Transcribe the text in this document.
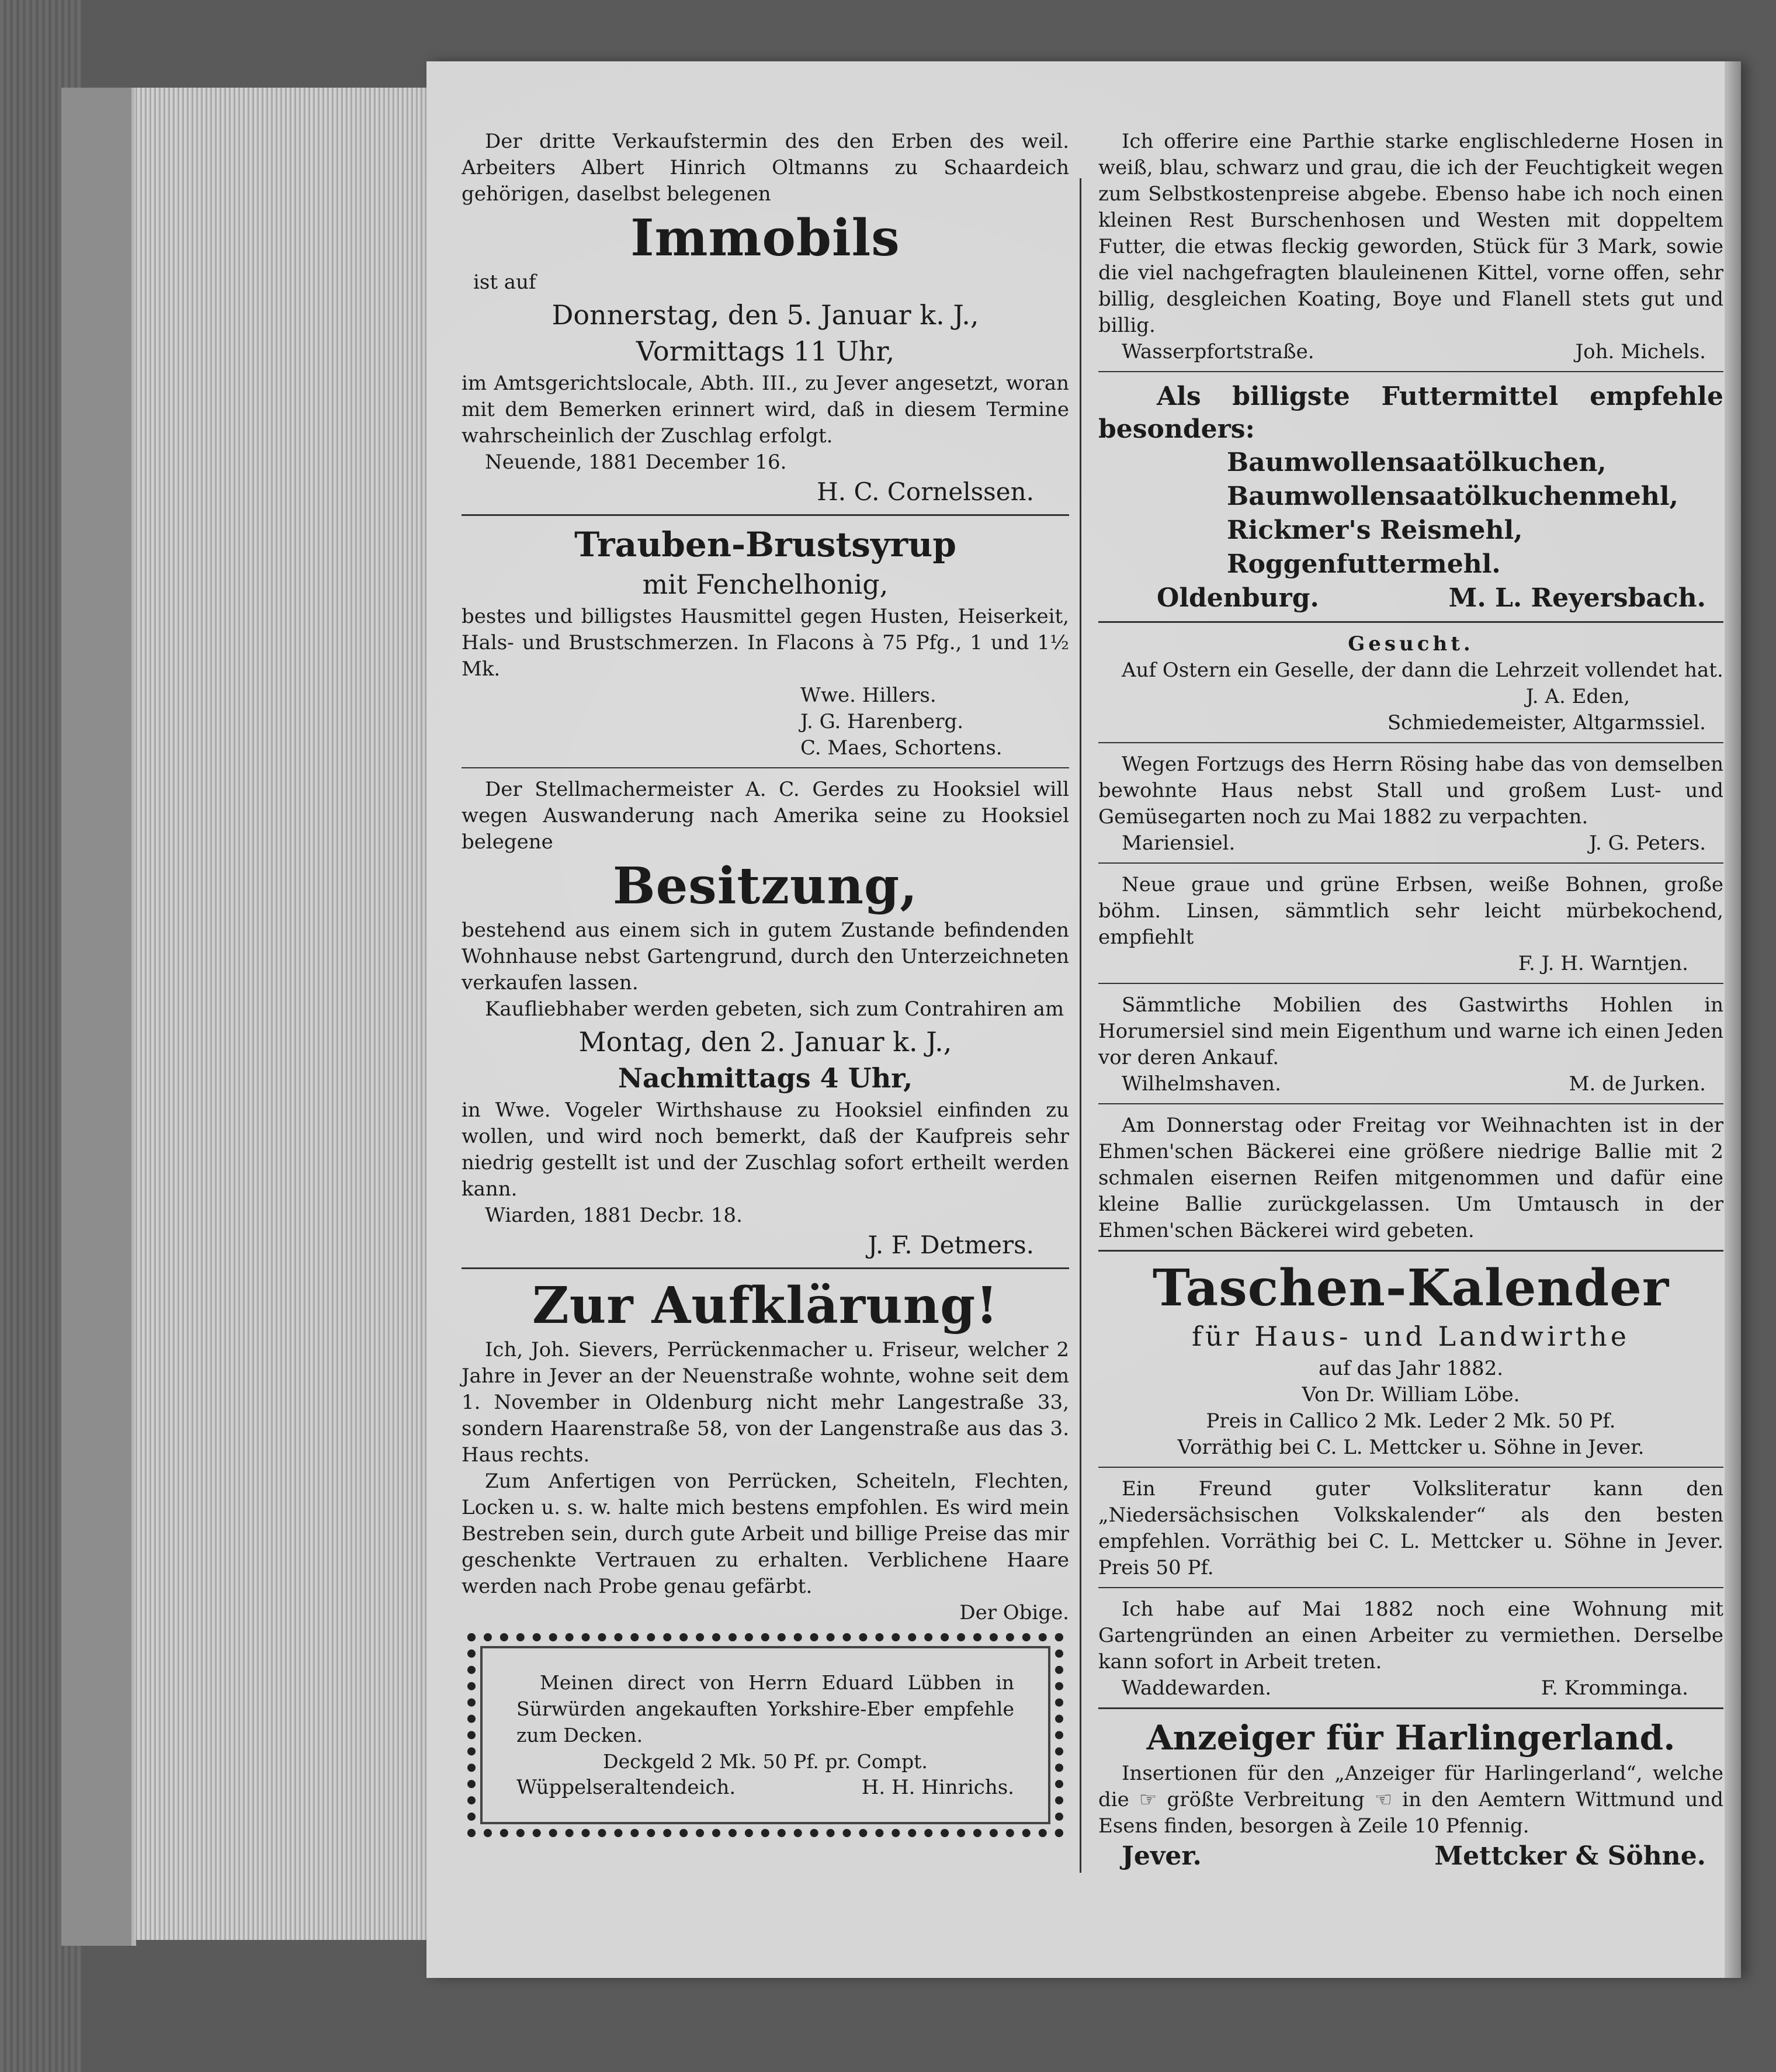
Der dritte Verkaufstermin des den Erben des weil. Arbeiters Albert Hinrich Oltmanns zu Schaardeich gehörigen, daselbst belegenen

Immobils

ist auf

Donnerstag, den 5. Januar k. J.,
Vormittags 11 Uhr,

im Amtsgerichtslocale, Abth. III., zu Jever angesetzt, woran mit dem Bemerken erinnert wird, daß in diesem Termine wahrscheinlich der Zuschlag erfolgt.

Neuende, 1881 December 16.

H. C. Cornelssen.
Trauben-Brustsyrup
mit Fenchelhonig,

bestes und billigstes Hausmittel gegen Husten, Heiserkeit, Hals- und Brustschmerzen. In Flacons à 75 Pfg., 1 und 1½ Mk.

Wwe. Hillers.

J. G. Harenberg.

C. Maes, Schortens.

Der Stellmachermeister A. C. Gerdes zu Hooksiel will wegen Auswanderung nach Amerika seine zu Hooksiel belegene

Besitzung,

bestehend aus einem sich in gutem Zustande befindenden Wohnhause nebst Gartengrund, durch den Unterzeichneten verkaufen lassen.

Kaufliebhaber werden gebeten, sich zum Contrahiren am

Montag, den 2. Januar k. J.,
Nachmittags 4 Uhr,

in Wwe. Vogeler Wirthshause zu Hooksiel einfinden zu wollen, und wird noch bemerkt, daß der Kaufpreis sehr niedrig gestellt ist und der Zuschlag sofort ertheilt werden kann.

Wiarden, 1881 Decbr. 18.

J. F. Detmers.
Zur Aufklärung!

Ich, Joh. Sievers, Perrückenmacher u. Friseur, welcher 2 Jahre in Jever an der Neuenstraße wohnte, wohne seit dem 1. November in Oldenburg nicht mehr Langestraße 33, sondern Haarenstraße 58, von der Langenstraße aus das 3. Haus rechts.

Zum Anfertigen von Perrücken, Scheiteln, Flechten, Locken u. s. w. halte mich bestens empfohlen. Es wird mein Bestreben sein, durch gute Arbeit und billige Preise das mir geschenkte Vertrauen zu erhalten. Verblichene Haare werden nach Probe genau gefärbt.

Der Obige.

Meinen direct von Herrn Eduard Lübben in Sürwürden angekauften Yorkshire-Eber empfehle zum Decken.

Deckgeld 2 Mk. 50 Pf. pr. Compt.

Wüppelseraltendeich.	H. H. Hinrichs.

Ich offerire eine Parthie starke englischlederne Hosen in weiß, blau, schwarz und grau, die ich der Feuchtigkeit wegen zum Selbstkostenpreise abgebe. Ebenso habe ich noch einen kleinen Rest Burschenhosen und Westen mit doppeltem Futter, die etwas fleckig geworden, Stück für 3 Mark, sowie die viel nachgefragten blauleinenen Kittel, vorne offen, sehr billig, desgleichen Koating, Boye und Flanell stets gut und billig.

Wasserpfortstraße.	Joh. Michels.

Als billigste Futtermittel empfehle besonders:

Baumwollensaatölkuchen,
Baumwollensaatölkuchenmehl,
Rickmer's Reismehl,
Roggenfuttermehl.
Oldenburg.	M. L. Reyersbach.

Gesucht.

Auf Ostern ein Geselle, der dann die Lehrzeit vollendet hat.

J. A. Eden,

Schmiedemeister, Altgarmssiel.

Wegen Fortzugs des Herrn Rösing habe das von demselben bewohnte Haus nebst Stall und großem Lust- und Gemüsegarten noch zu Mai 1882 zu verpachten.

Mariensiel.	J. G. Peters.

Neue graue und grüne Erbsen, weiße Bohnen, große böhm. Linsen, sämmtlich sehr leicht mürbekochend, empfiehlt

F. J. H. Warntjen.

Sämmtliche Mobilien des Gastwirths Hohlen in Horumersiel sind mein Eigenthum und warne ich einen Jeden vor deren Ankauf.

Wilhelmshaven.	M. de Jurken.

Am Donnerstag oder Freitag vor Weihnachten ist in der Ehmen'schen Bäckerei eine größere niedrige Ballie mit 2 schmalen eisernen Reifen mitgenommen und dafür eine kleine Ballie zurückgelassen. Um Umtausch in der Ehmen'schen Bäckerei wird gebeten.

Taschen-Kalender
für Haus- und Landwirthe

auf das Jahr 1882.

Von Dr. William Löbe.

Preis in Callico 2 Mk. Leder 2 Mk. 50 Pf.

Vorräthig bei C. L. Mettcker u. Söhne in Jever.

Ein Freund guter Volksliteratur kann den „Niedersächsischen Volkskalender“ als den besten empfehlen. Vorräthig bei C. L. Mettcker u. Söhne in Jever. Preis 50 Pf.

Ich habe auf Mai 1882 noch eine Wohnung mit Gartengründen an einen Arbeiter zu vermiethen. Derselbe kann sofort in Arbeit treten.

Waddewarden.	F. Kromminga.
Anzeiger für Harlingerland.

Insertionen für den „Anzeiger für Harlingerland“, welche die ☞ größte Verbreitung ☜ in den Aemtern Wittmund und Esens finden, besorgen à Zeile 10 Pfennig.

Jever.	Mettcker & Söhne.
